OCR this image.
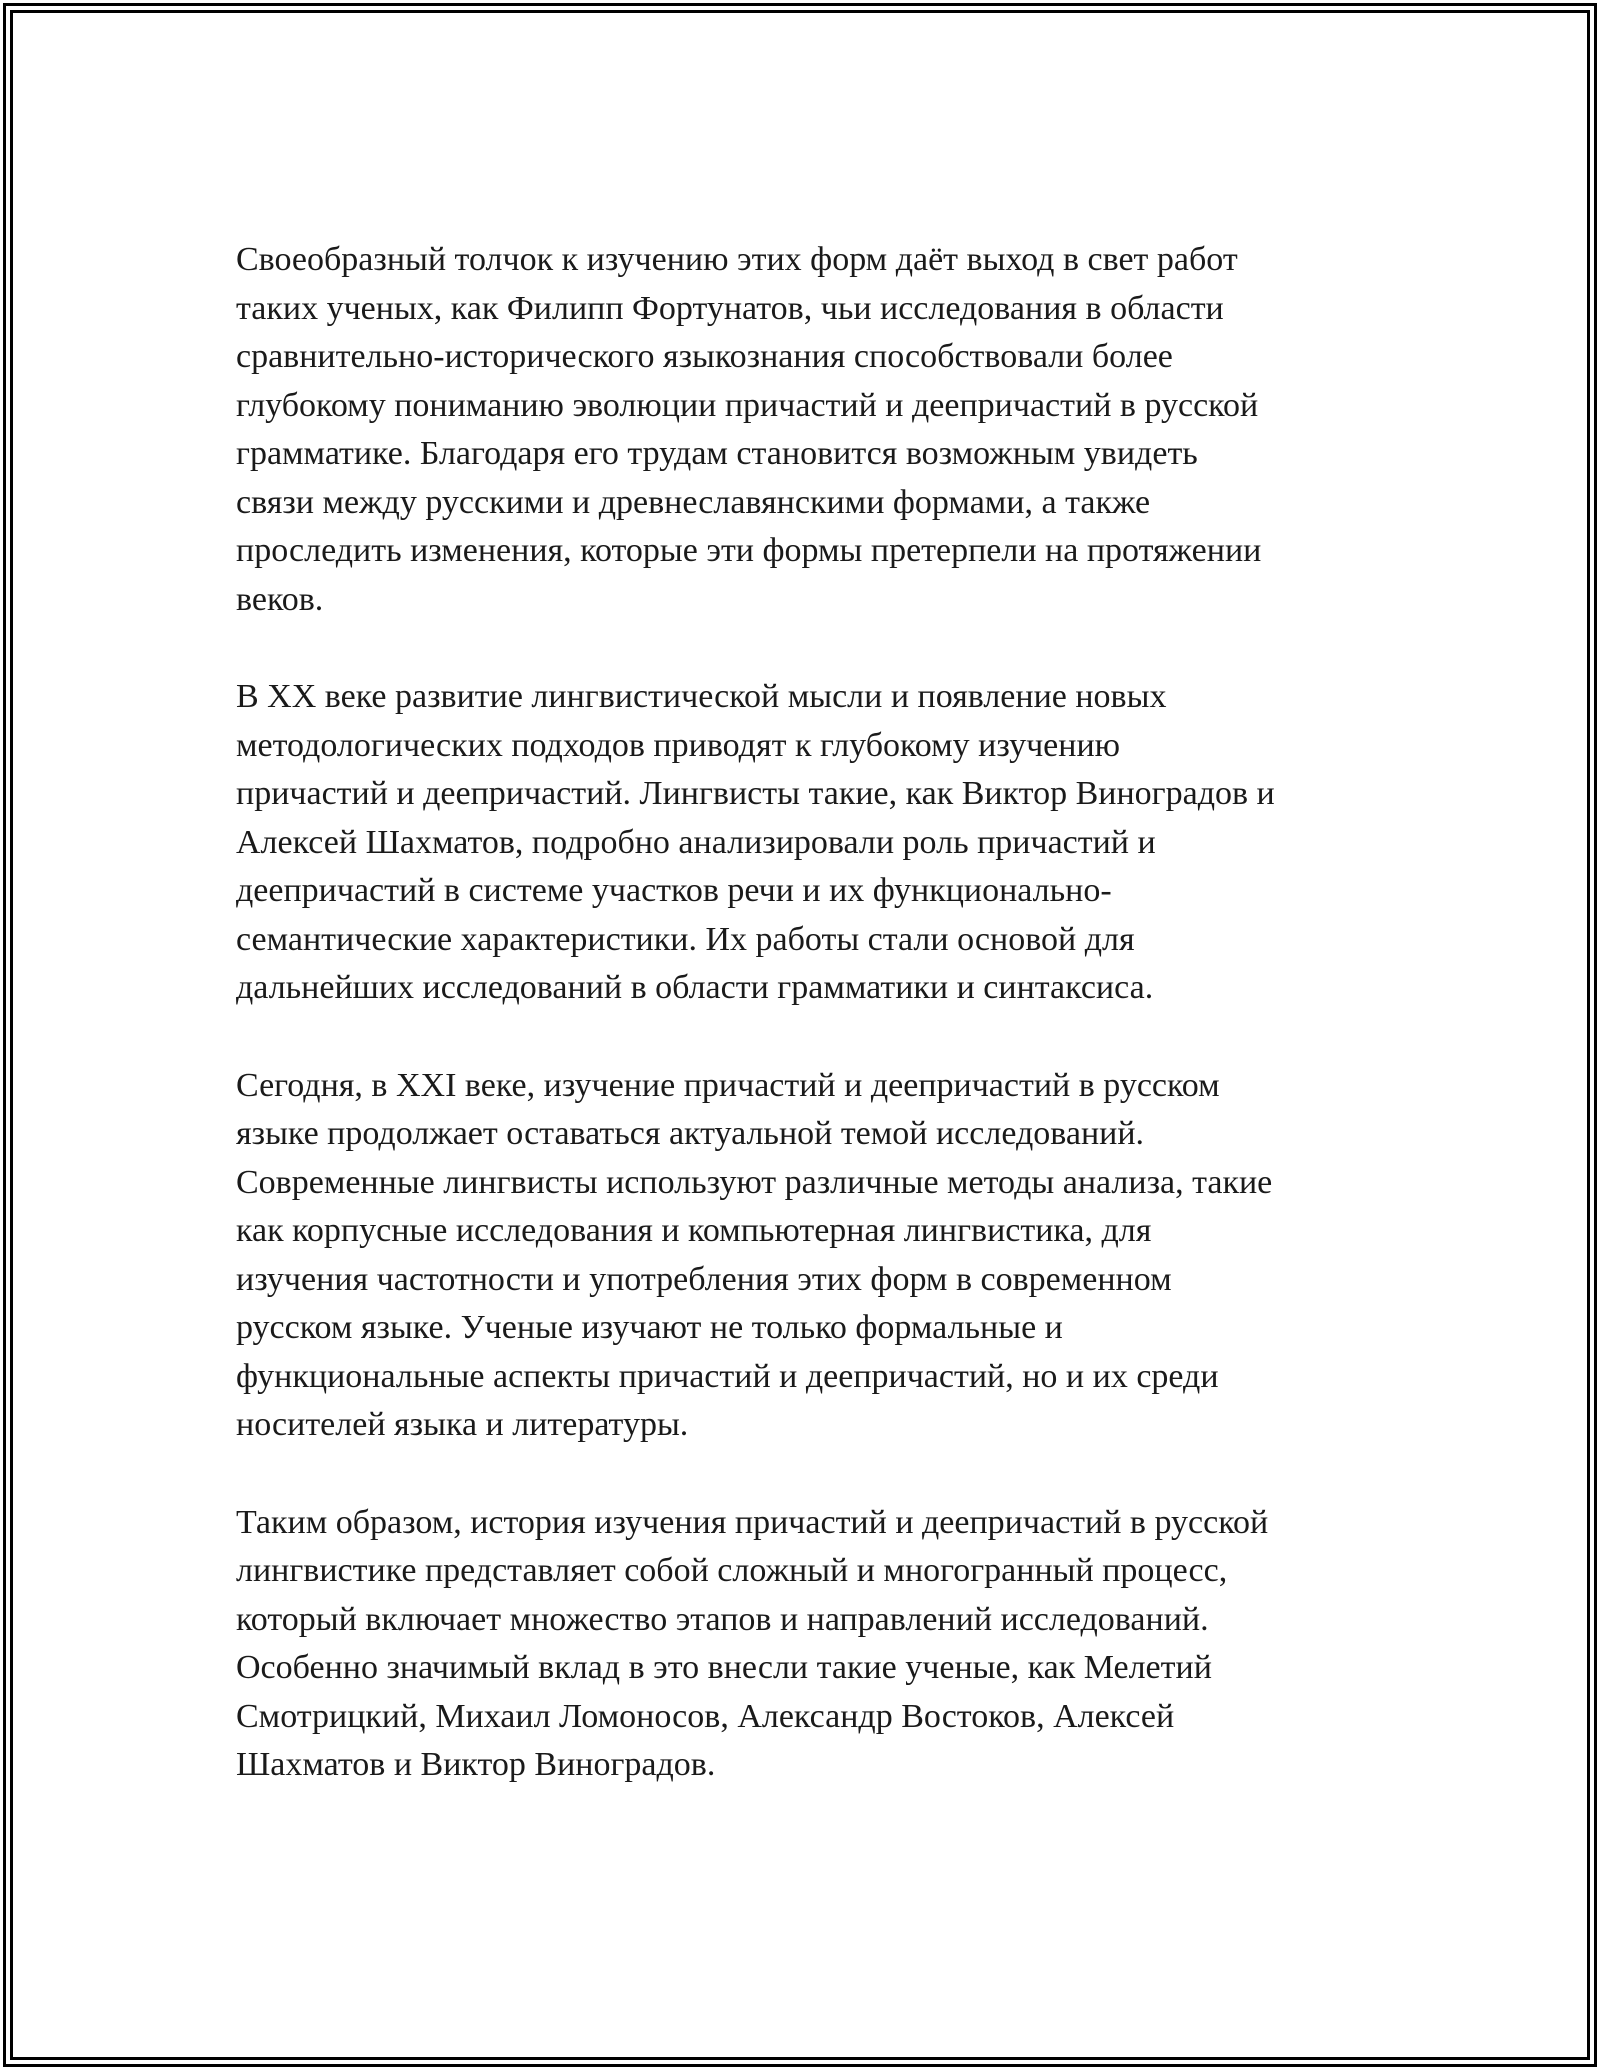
Своеобразный толчок к изучению этих форм даёт выход в свет работ
таких ученых, как Филипп Фортунатов, чьи исследования в области
сравнительно-исторического языкознания способствовали более
глубокому пониманию эволюции причастий и деепричастий в русской
грамматике. Благодаря его трудам становится возможным увидеть
связи между русскими и древнеславянскими формами, а также
проследить изменения, которые эти формы претерпели на протяжении
веков.

В XX веке развитие лингвистической мысли и появление новых
методологических подходов приводят к глубокому изучению
причастий и деепричастий. Лингвисты такие, как Виктор Виноградов и
Алексей Шахматов, подробно анализировали роль причастий и
деепричастий в системе участков речи и их функционально-
семантические характеристики. Их работы стали основой для
дальнейших исследований в области грамматики и синтаксиса.

Сегодня, в XXI веке, изучение причастий и деепричастий в русском
языке продолжает оставаться актуальной темой исследований.
Современные лингвисты используют различные методы анализа, такие
как корпусные исследования и компьютерная лингвистика, для
изучения частотности и употребления этих форм в современном
русском языке. Ученые изучают не только формальные и
функциональные аспекты причастий и деепричастий, но и их среди
носителей языка и литературы.

Таким образом, история изучения причастий и деепричастий в русской
лингвистике представляет собой сложный и многогранный процесс,
который включает множество этапов и направлений исследований.
Особенно значимый вклад в это внесли такие ученые, как Мелетий
Смотрицкий, Михаил Ломоносов, Александр Востоков, Алексей
Шахматов и Виктор Виноградов.
